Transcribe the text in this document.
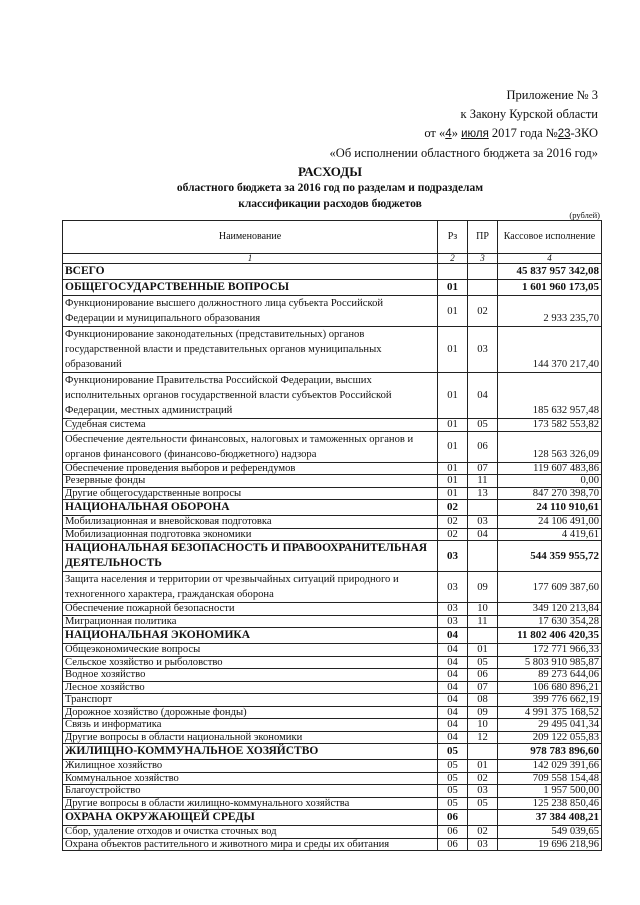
Приложение № 3
к Закону Курской области
от «4» июля 2017 года №23-ЗКО
«Об исполнении областного бюджета за 2016 год»
РАСХОДЫ
областного бюджета за 2016 год по разделам и подразделам
классификации расходов бюджетов
(рублей)
Наименование	Рз	ПР	Кассовое исполнение
1	2	3	4
ВСЕГО			45 837 957 342,08
ОБЩЕГОСУДАРСТВЕННЫЕ ВОПРОСЫ	01		1 601 960 173,05
Функционирование высшего должностного лица субъекта Российской Федерации и муниципального образования	01	02	2 933 235,70
Функционирование законодательных (представительных) органов государственной власти и представительных органов муниципальных образований	01	03	144 370 217,40
Функционирование Правительства Российской Федерации, высших исполнительных органов государственной власти субъектов Российской Федерации, местных администраций	01	04	185 632 957,48
Судебная система	01	05	173 582 553,82
Обеспечение деятельности финансовых, налоговых и таможенных органов и органов финансового (финансово-бюджетного) надзора	01	06	128 563 326,09
Обеспечение проведения выборов и референдумов	01	07	119 607 483,86
Резервные фонды	01	11	0,00
Другие общегосударственные вопросы	01	13	847 270 398,70
НАЦИОНАЛЬНАЯ ОБОРОНА	02		24 110 910,61
Мобилизационная и вневойсковая подготовка	02	03	24 106 491,00
Мобилизационная подготовка экономики	02	04	4 419,61
НАЦИОНАЛЬНАЯ БЕЗОПАСНОСТЬ И ПРАВООХРАНИТЕЛЬНАЯ ДЕЯТЕЛЬНОСТЬ	03		544 359 955,72
Защита населения и территории от чрезвычайных ситуаций природного и техногенного характера, гражданская оборона	03	09	177 609 387,60
Обеспечение пожарной безопасности	03	10	349 120 213,84
Миграционная политика	03	11	17 630 354,28
НАЦИОНАЛЬНАЯ ЭКОНОМИКА	04		11 802 406 420,35
Общеэкономические вопросы	04	01	172 771 966,33
Сельское хозяйство и рыболовство	04	05	5 803 910 985,87
Водное хозяйство	04	06	89 273 644,06
Лесное хозяйство	04	07	106 680 896,21
Транспорт	04	08	399 776 662,19
Дорожное хозяйство (дорожные фонды)	04	09	4 991 375 168,52
Связь и информатика	04	10	29 495 041,34
Другие вопросы в области национальной экономики	04	12	209 122 055,83
ЖИЛИЩНО-КОММУНАЛЬНОЕ ХОЗЯЙСТВО	05		978 783 896,60
Жилищное хозяйство	05	01	142 029 391,66
Коммунальное хозяйство	05	02	709 558 154,48
Благоустройство	05	03	1 957 500,00
Другие вопросы в области жилищно-коммунального хозяйства	05	05	125 238 850,46
ОХРАНА ОКРУЖАЮЩЕЙ СРЕДЫ	06		37 384 408,21
Сбор, удаление отходов и очистка сточных вод	06	02	549 039,65
Охрана объектов растительного и животного мира и среды их обитания	06	03	19 696 218,96
